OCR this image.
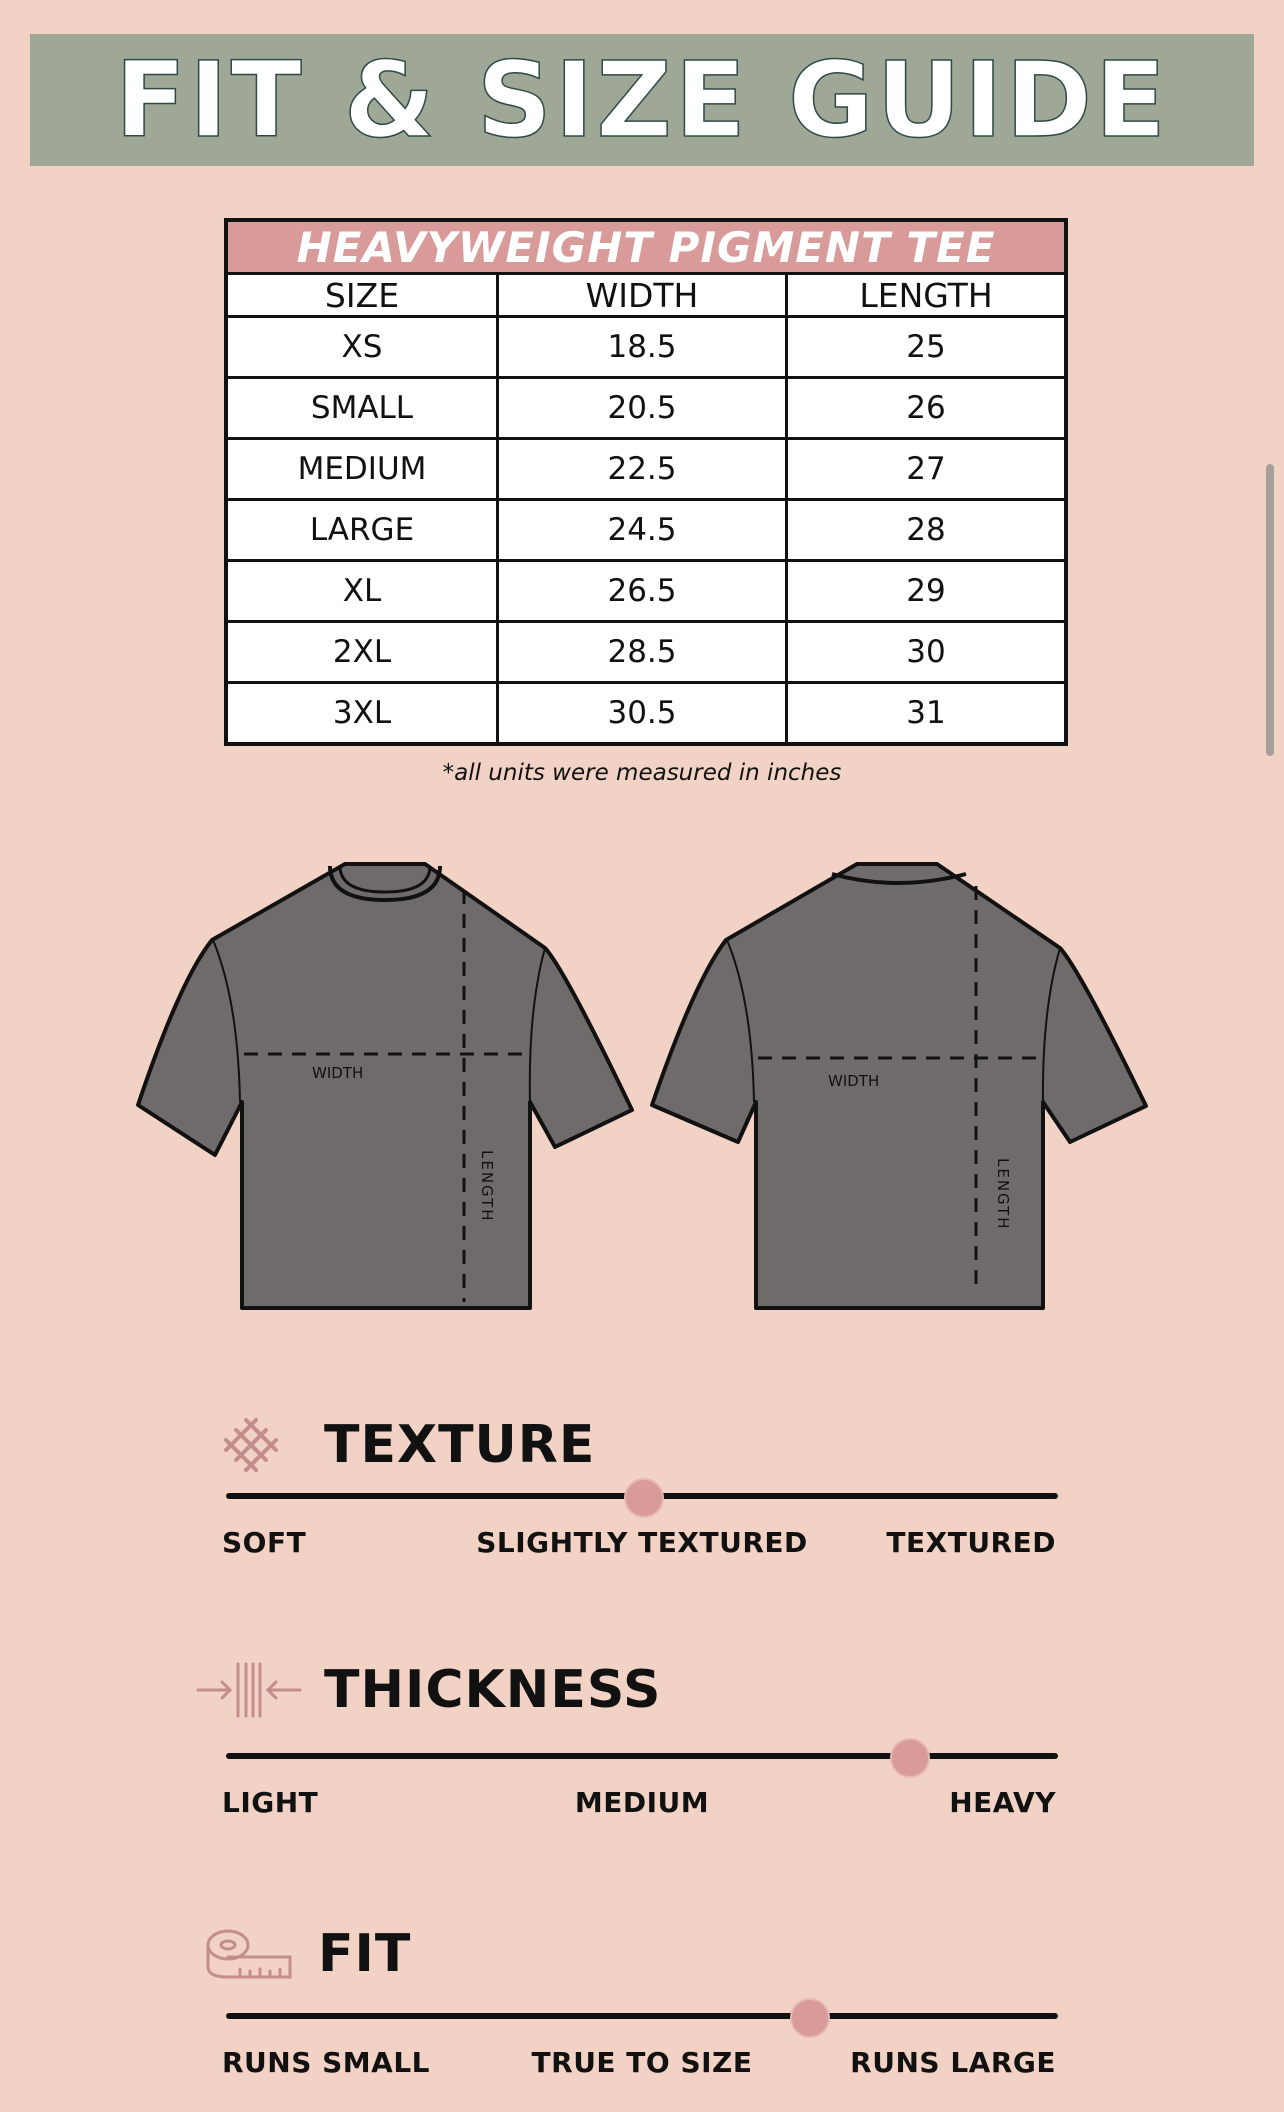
FIT & SIZE GUIDE
HEAVYWEIGHT PIGMENT TEE
SIZE	WIDTH	LENGTH
XS	18.5	25
SMALL	20.5	26
MEDIUM	22.5	27
LARGE	24.5	28
XL	26.5	29
2XL	28.5	30
3XL	30.5	31
*all units were measured in inches
WIDTH
LENGTH
WIDTH
LENGTH
TEXTURE
SOFT	SLIGHTLY TEXTURED	TEXTURED
THICKNESS
LIGHT	MEDIUM	HEAVY
FIT
RUNS SMALL	TRUE TO SIZE	RUNS LARGE
